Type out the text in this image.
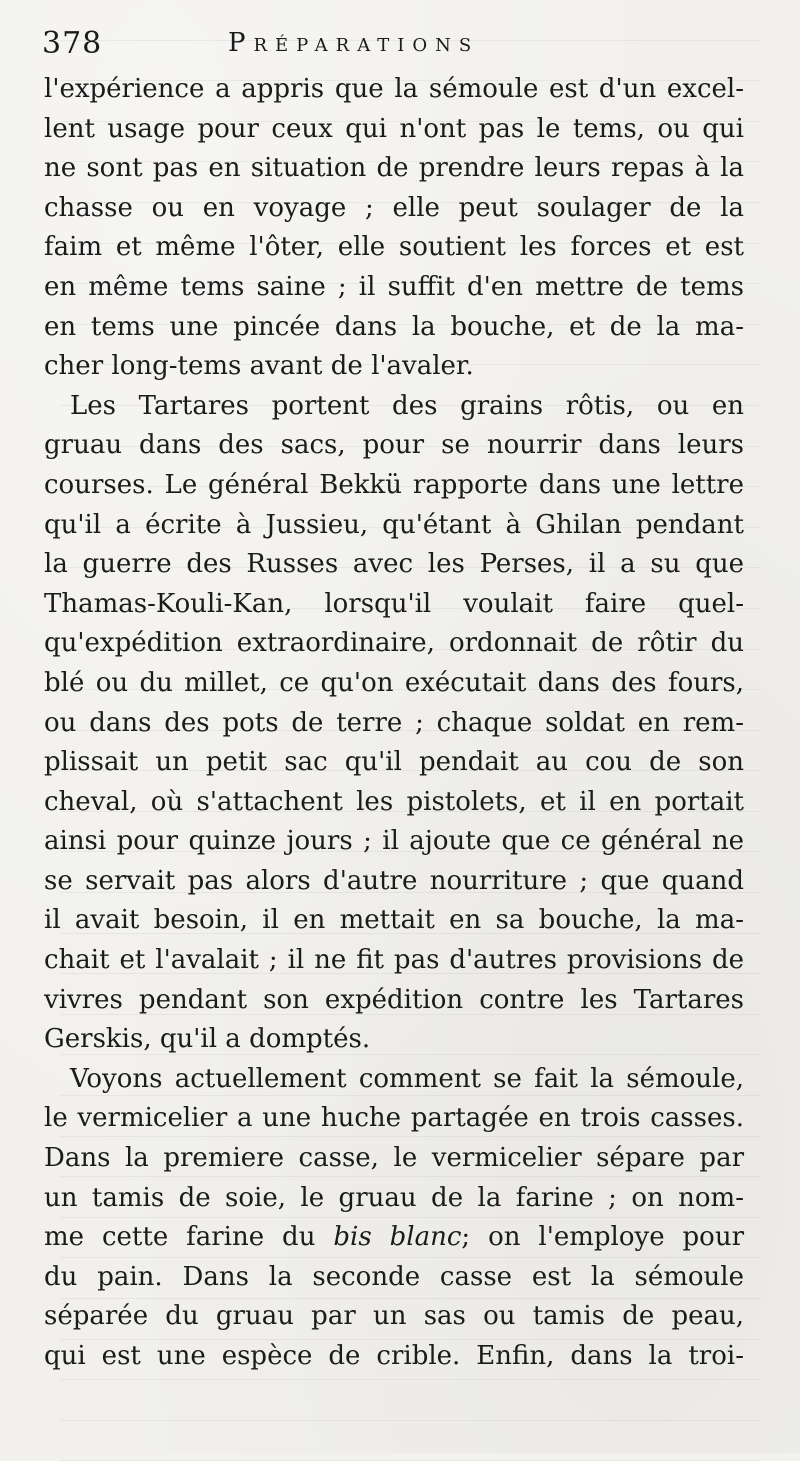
378	Préparations
l'expérience a appris que la sémoule est d'un excel-
lent usage pour ceux qui n'ont pas le tems, ou qui
ne sont pas en situation de prendre leurs repas à la
chasse ou en voyage ; elle peut soulager de la
faim et même l'ôter, elle soutient les forces et est
en même tems saine ; il suffit d'en mettre de tems
en tems une pincée dans la bouche, et de la ma-
cher long-tems avant de l'avaler.
Les Tartares portent des grains rôtis, ou en
gruau dans des sacs, pour se nourrir dans leurs
courses. Le général Bekkü rapporte dans une lettre
qu'il a écrite à Jussieu, qu'étant à Ghilan pendant
la guerre des Russes avec les Perses, il a su que
Thamas-Kouli-Kan, lorsqu'il voulait faire quel-
qu'expédition extraordinaire, ordonnait de rôtir du
blé ou du millet, ce qu'on exécutait dans des fours,
ou dans des pots de terre ; chaque soldat en rem-
plissait un petit sac qu'il pendait au cou de son
cheval, où s'attachent les pistolets, et il en portait
ainsi pour quinze jours ; il ajoute que ce général ne
se servait pas alors d'autre nourriture ; que quand
il avait besoin, il en mettait en sa bouche, la ma-
chait et l'avalait ; il ne fit pas d'autres provisions de
vivres pendant son expédition contre les Tartares
Gerskis, qu'il a domptés.
Voyons actuellement comment se fait la sémoule,
le vermicelier a une huche partagée en trois casses.
Dans la premiere casse, le vermicelier sépare par
un tamis de soie, le gruau de la farine ; on nom-
me cette farine du bis blanc; on l'employe pour
du pain. Dans la seconde casse est la sémoule
séparée du gruau par un sas ou tamis de peau,
qui est une espèce de crible. Enfin, dans la troi-
